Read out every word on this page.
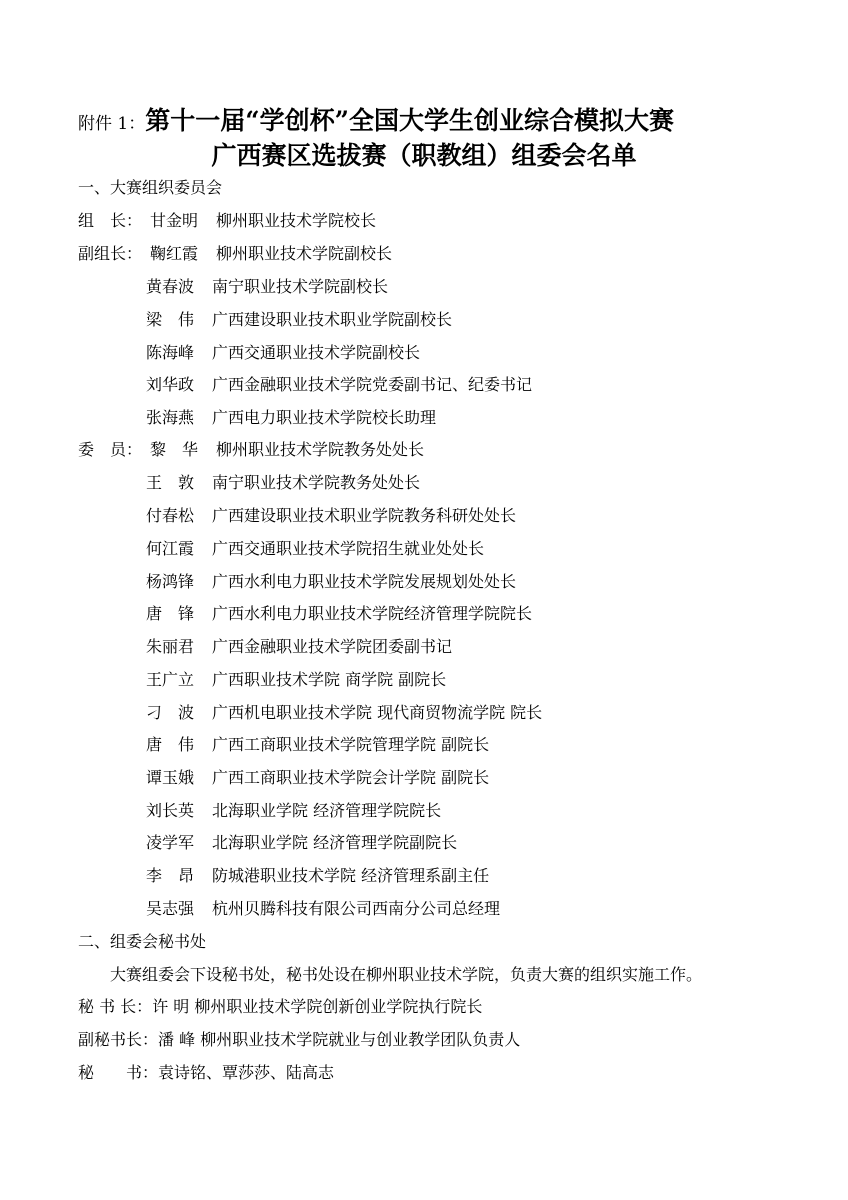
附件 1：第十一届“学创杯”全国大学生创业综合模拟大赛
广西赛区选拔赛（职教组）组委会名单
一、大赛组织委员会
组　长： 甘金明 柳州职业技术学院校长
副组长： 鞠红霞 柳州职业技术学院副校长
黄春波 南宁职业技术学院副校长
梁　伟 广西建设职业技术职业学院副校长
陈海峰 广西交通职业技术学院副校长
刘华政 广西金融职业技术学院党委副书记、纪委书记
张海燕 广西电力职业技术学院校长助理
委　员： 黎　华 柳州职业技术学院教务处处长
王　敦 南宁职业技术学院教务处处长
付春松 广西建设职业技术职业学院教务科研处处长
何江霞 广西交通职业技术学院招生就业处处长
杨鸿锋 广西水利电力职业技术学院发展规划处处长
唐　锋 广西水利电力职业技术学院经济管理学院院长
朱丽君 广西金融职业技术学院团委副书记
王广立 广西职业技术学院 商学院 副院长
刁　波 广西机电职业技术学院 现代商贸物流学院 院长
唐　伟 广西工商职业技术学院管理学院 副院长
谭玉娥 广西工商职业技术学院会计学院 副院长
刘长英 北海职业学院 经济管理学院院长
凌学军 北海职业学院 经济管理学院副院长
李　昂 防城港职业技术学院 经济管理系副主任
吴志强 杭州贝腾科技有限公司西南分公司总经理
二、组委会秘书处
大赛组委会下设秘书处，秘书处设在柳州职业技术学院，负责大赛的组织实施工作。
秘 书 长：许 明 柳州职业技术学院创新创业学院执行院长
副秘书长：潘 峰 柳州职业技术学院就业与创业教学团队负责人
秘　　书：袁诗铭、覃莎莎、陆高志
